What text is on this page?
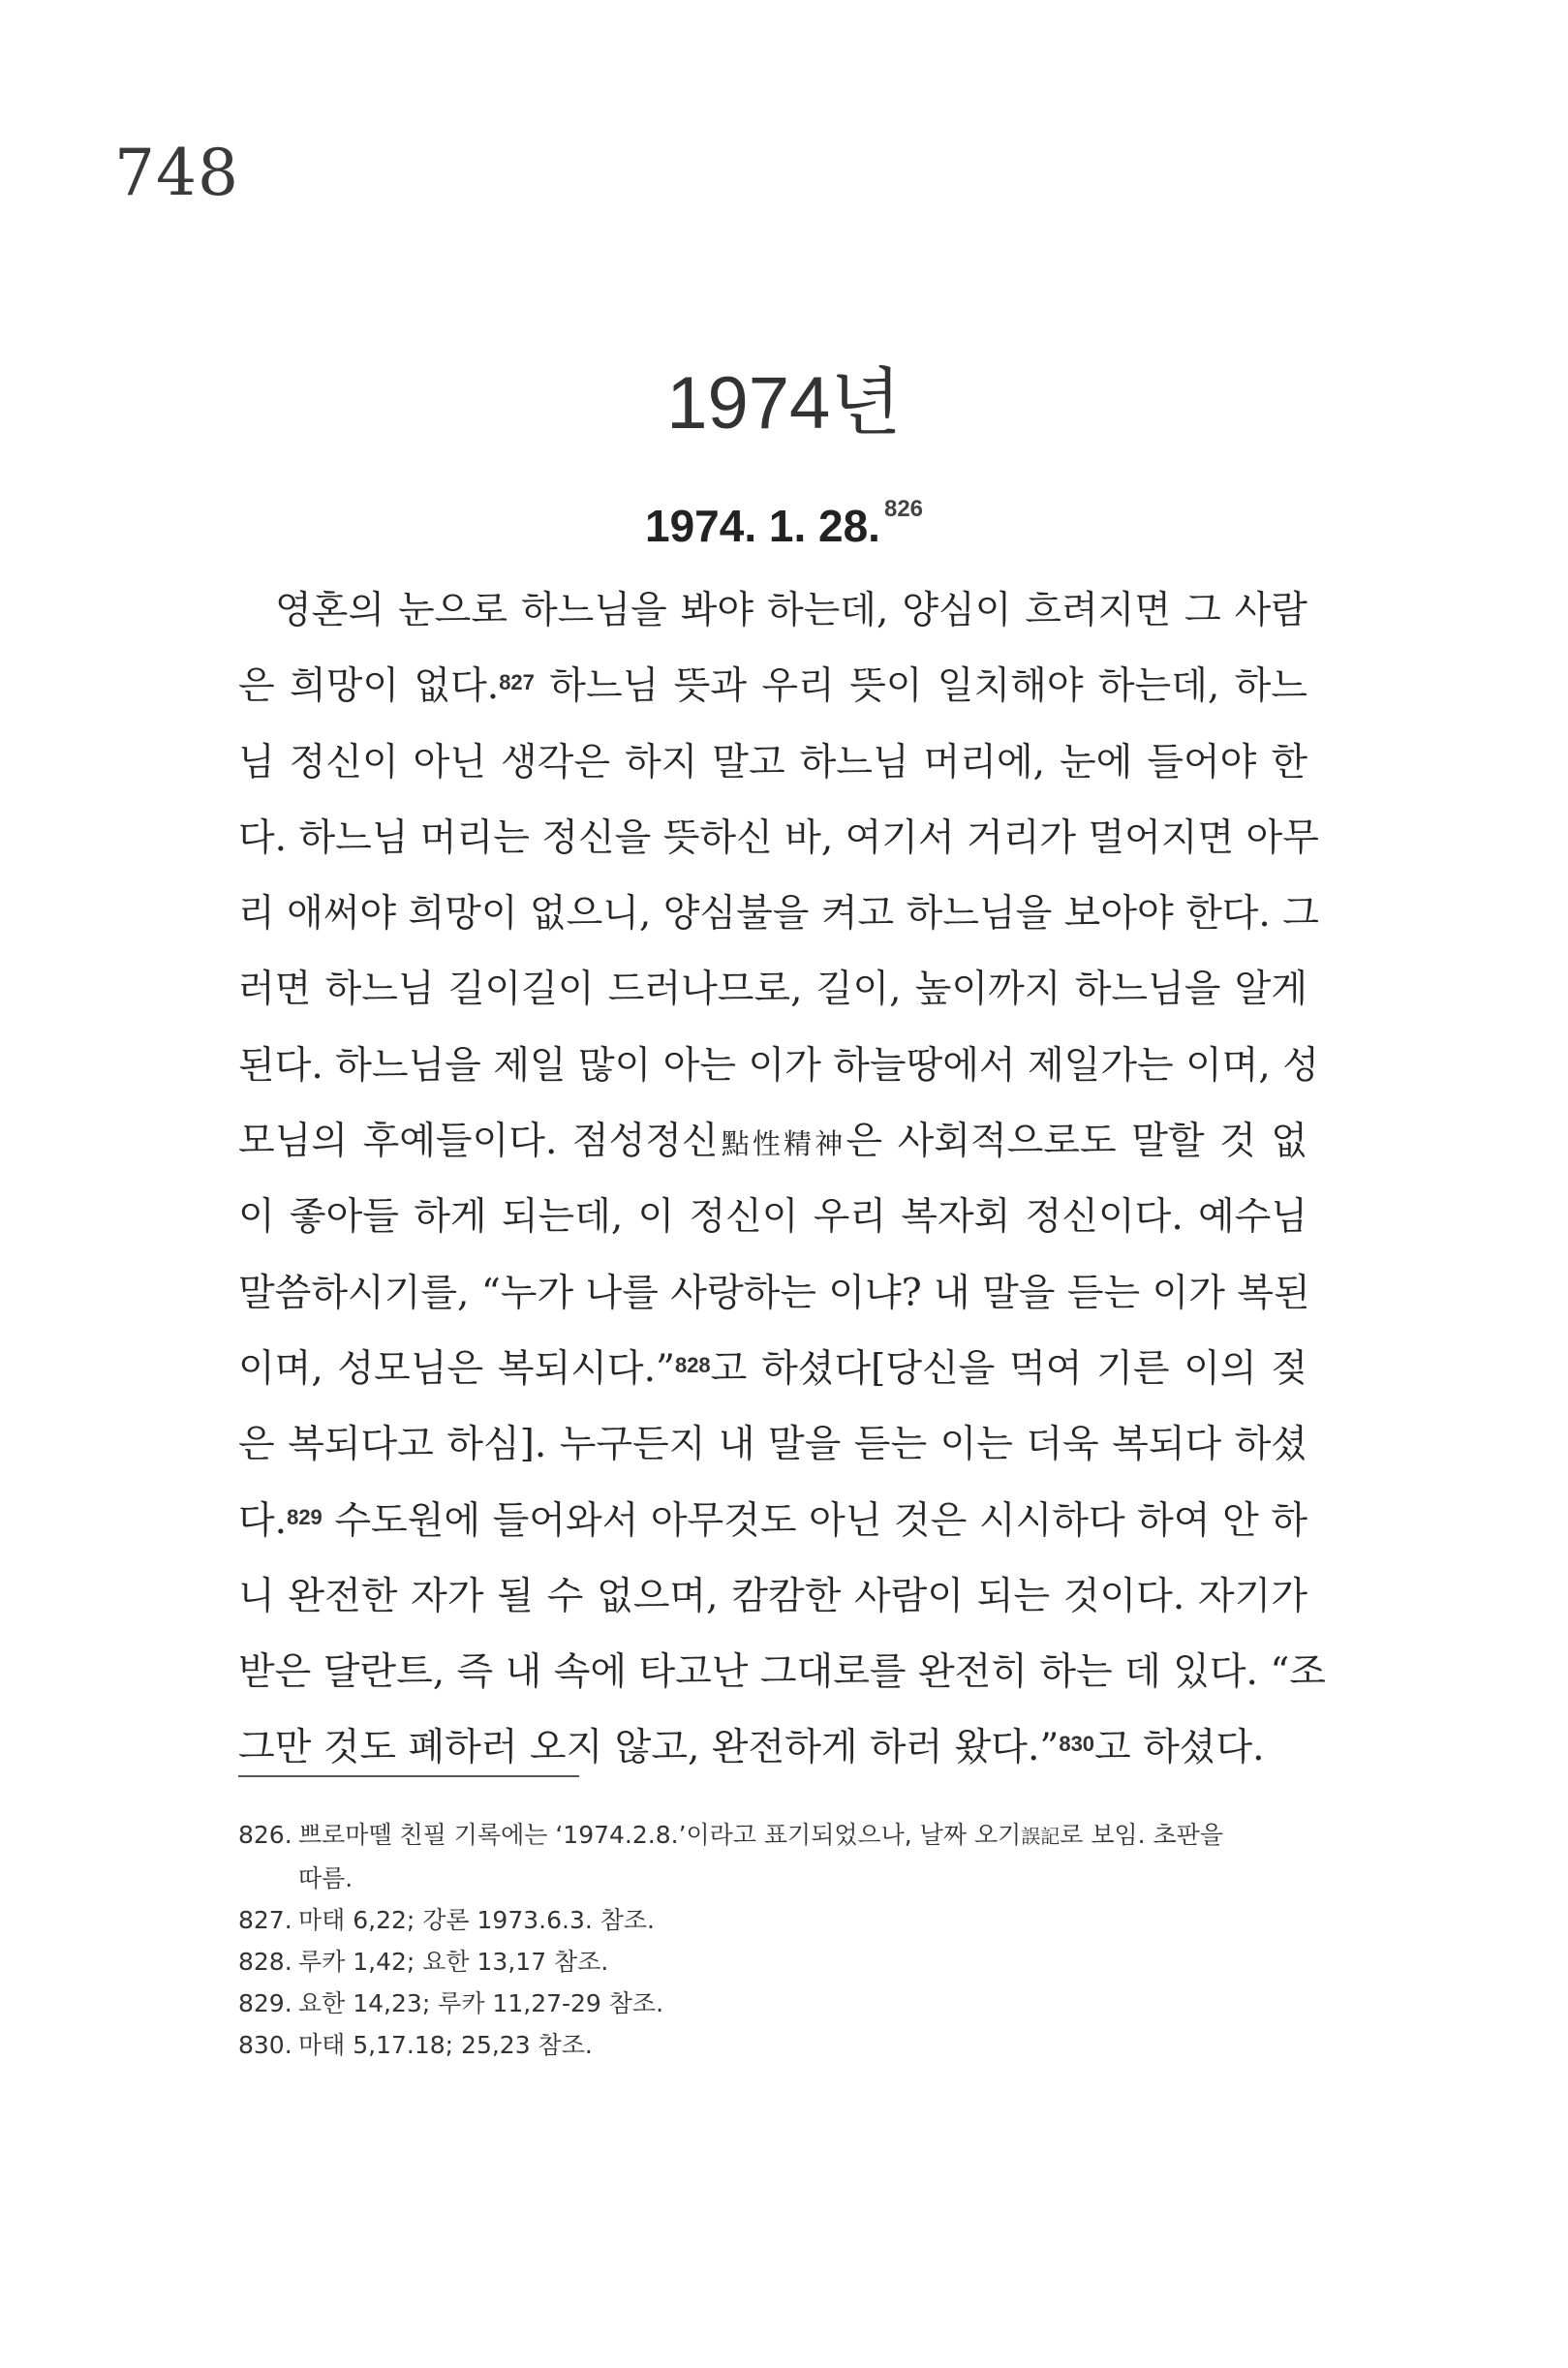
748
1974년
1974. 1. 28. $^{826}$
영혼의 눈으로 하느님을 봐야 하는데, 양심이 흐려지면 그 사람
은 희망이 없다.$^{827}$ 하느님 뜻과 우리 뜻이 일치해야 하는데, 하느
님 정신이 아닌 생각은 하지 말고 하느님 머리에, 눈에 들어야 한
다. 하느님 머리는 정신을 뜻하신 바, 여기서 거리가 멀어지면 아무
리 애써야 희망이 없으니, 양심불을 켜고 하느님을 보아야 한다. 그
러면 하느님 길이길이 드러나므로, 길이, 높이까지 하느님을 알게
된다. 하느님을 제일 많이 아는 이가 하늘땅에서 제일가는 이며, 성
모님의 후예들이다. 점성정신點性精神은 사회적으로도 말할 것 없
이 좋아들 하게 되는데, 이 정신이 우리 복자회 정신이다. 예수님
말씀하시기를, “누가 나를 사랑하는 이냐? 내 말을 듣는 이가 복된
이며, 성모님은 복되시다.”$^{828}$고 하셨다[당신을 먹여 기른 이의 젖
은 복되다고 하심]. 누구든지 내 말을 듣는 이는 더욱 복되다 하셨
다.$^{829}$ 수도원에 들어와서 아무것도 아닌 것은 시시하다 하여 안 하
니 완전한 자가 될 수 없으며, 캄캄한 사람이 되는 것이다. 자기가
받은 달란트, 즉 내 속에 타고난 그대로를 완전히 하는 데 있다. “조
그만 것도 폐하러 오지 않고, 완전하게 하러 왔다.”$^{830}$고 하셨다.
826. 쁘로마뗄 친필 기록에는 ‘1974.2.8.’이라고 표기되었으나, 날짜 오기誤記로 보임. 초판을
따름.
827. 마태 6,22; 강론 1973.6.3. 참조.
828. 루카 1,42; 요한 13,17 참조.
829. 요한 14,23; 루카 11,27-29 참조.
830. 마태 5,17.18; 25,23 참조.
